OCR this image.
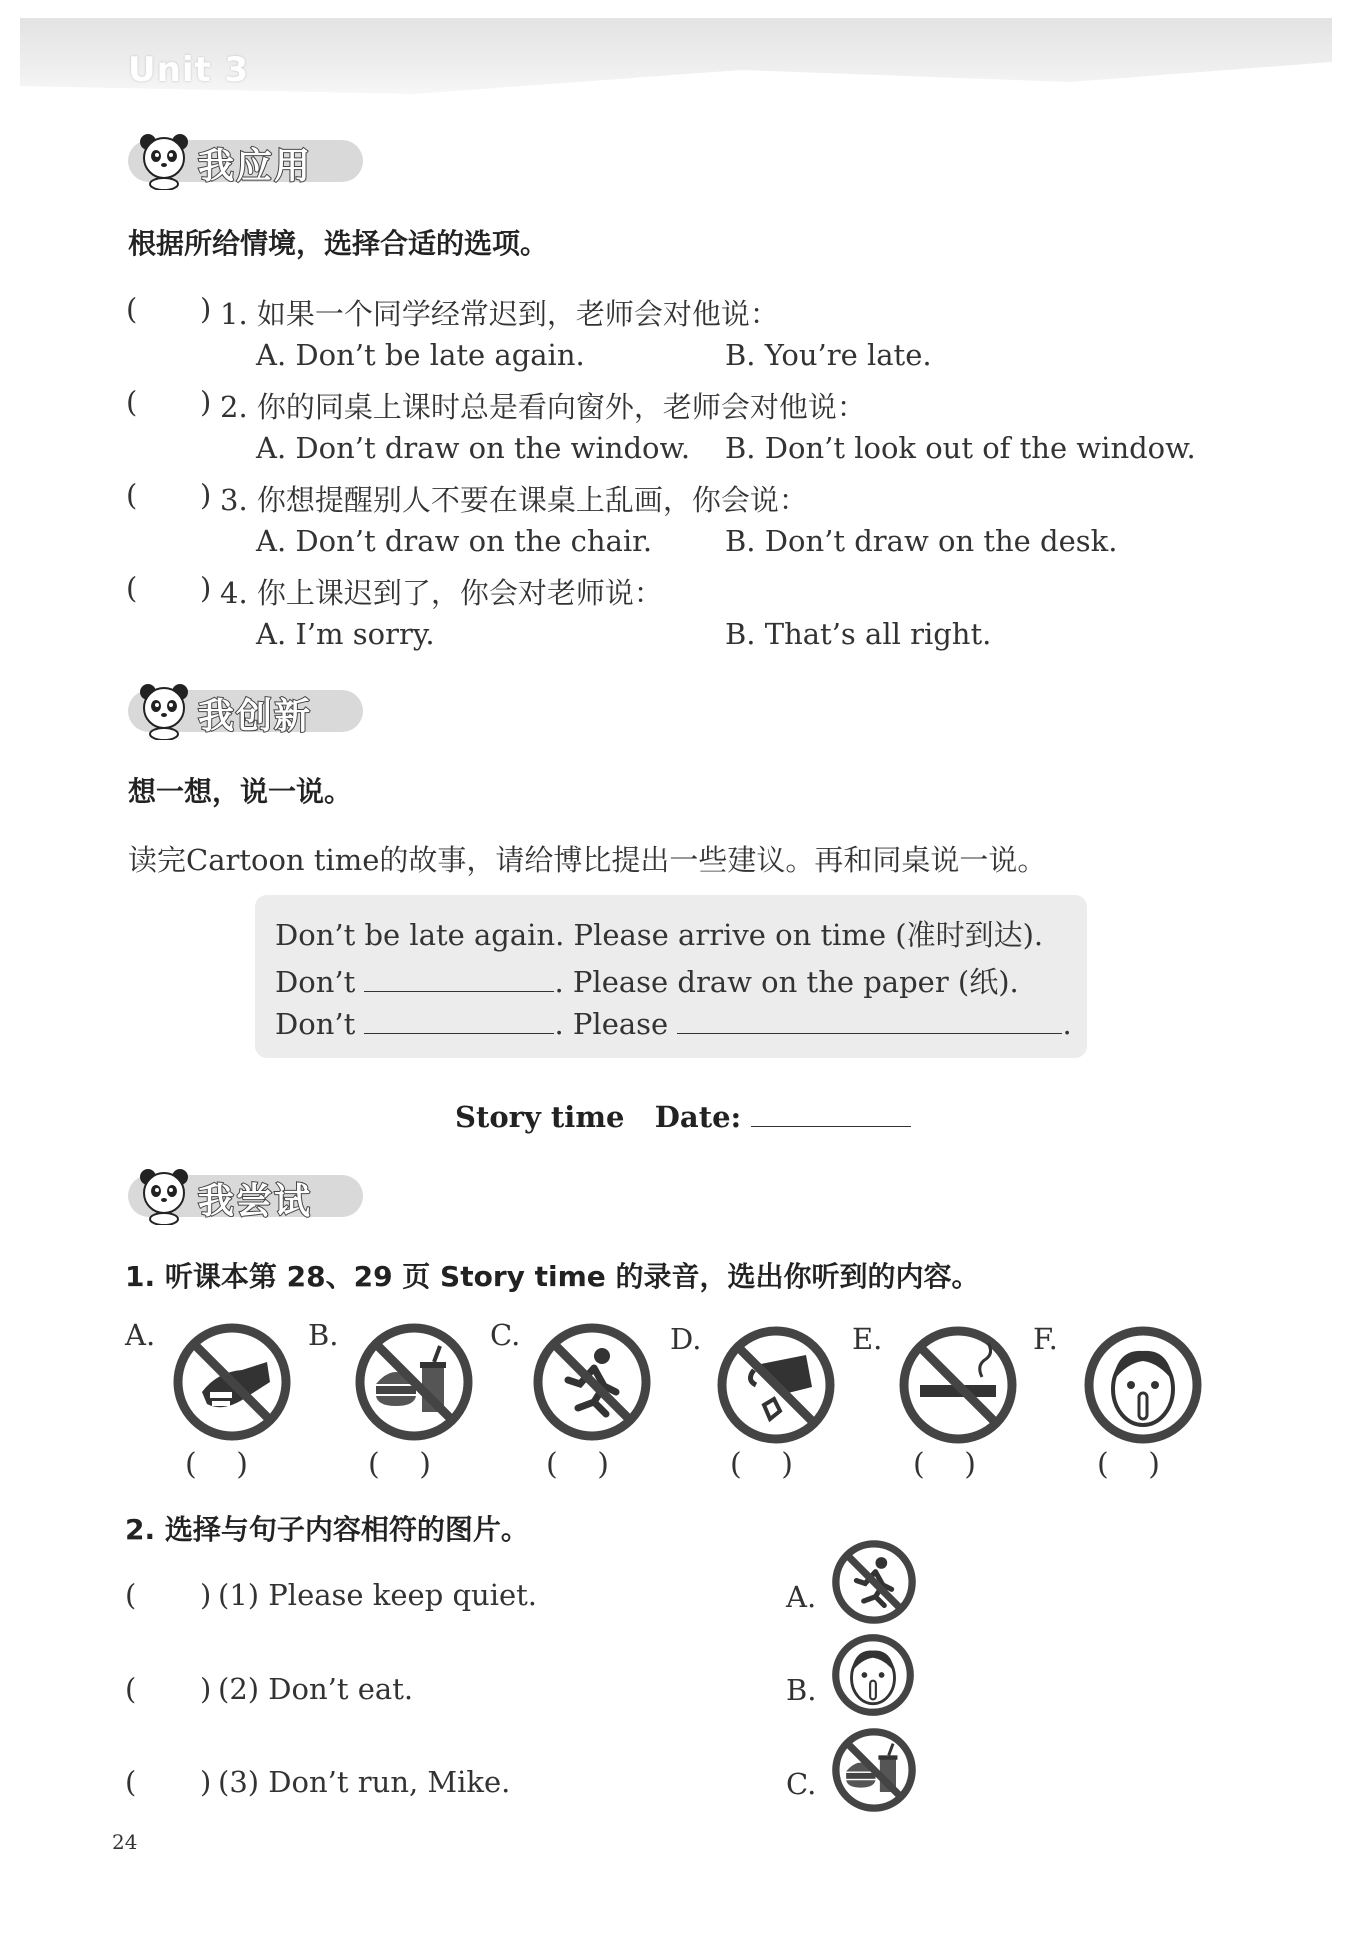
Unit 3
我应用
根据所给情境，选择合适的选项。
( ) 1. 如果一个同学经常迟到，老师会对他说：
A. Don’t be late again.	B. You’re late.
( ) 2. 你的同桌上课时总是看向窗外，老师会对他说：
A. Don’t draw on the window. B. Don’t look out of the window.
( ) 3. 你想提醒别人不要在课桌上乱画，你会说：
A. Don’t draw on the chair.	B. Don’t draw on the desk.
( ) 4. 你上课迟到了，你会对老师说：
A. I’m sorry.	B. That’s all right.
我创新
想一想，说一说。
读完Cartoon time的故事，请给博比提出一些建议。再和同桌说一说。
Don’t be late again. Please arrive on time (准时到达).
Don’t	. Please draw on the paper (纸).
Don’t	. Please	.
Story time Date:
我尝试
1. 听课本第 28、29 页 Story time 的录音，选出你听到的内容。
A.	B.	C.	D.	E.	F.
( )	( )	( )	( )	( )	( )
2. 选择与句子内容相符的图片。
( ) (1) Please keep quiet.	A.
( ) (2) Don’t eat.	B.
( ) (3) Don’t run, Mike.	C.
24
